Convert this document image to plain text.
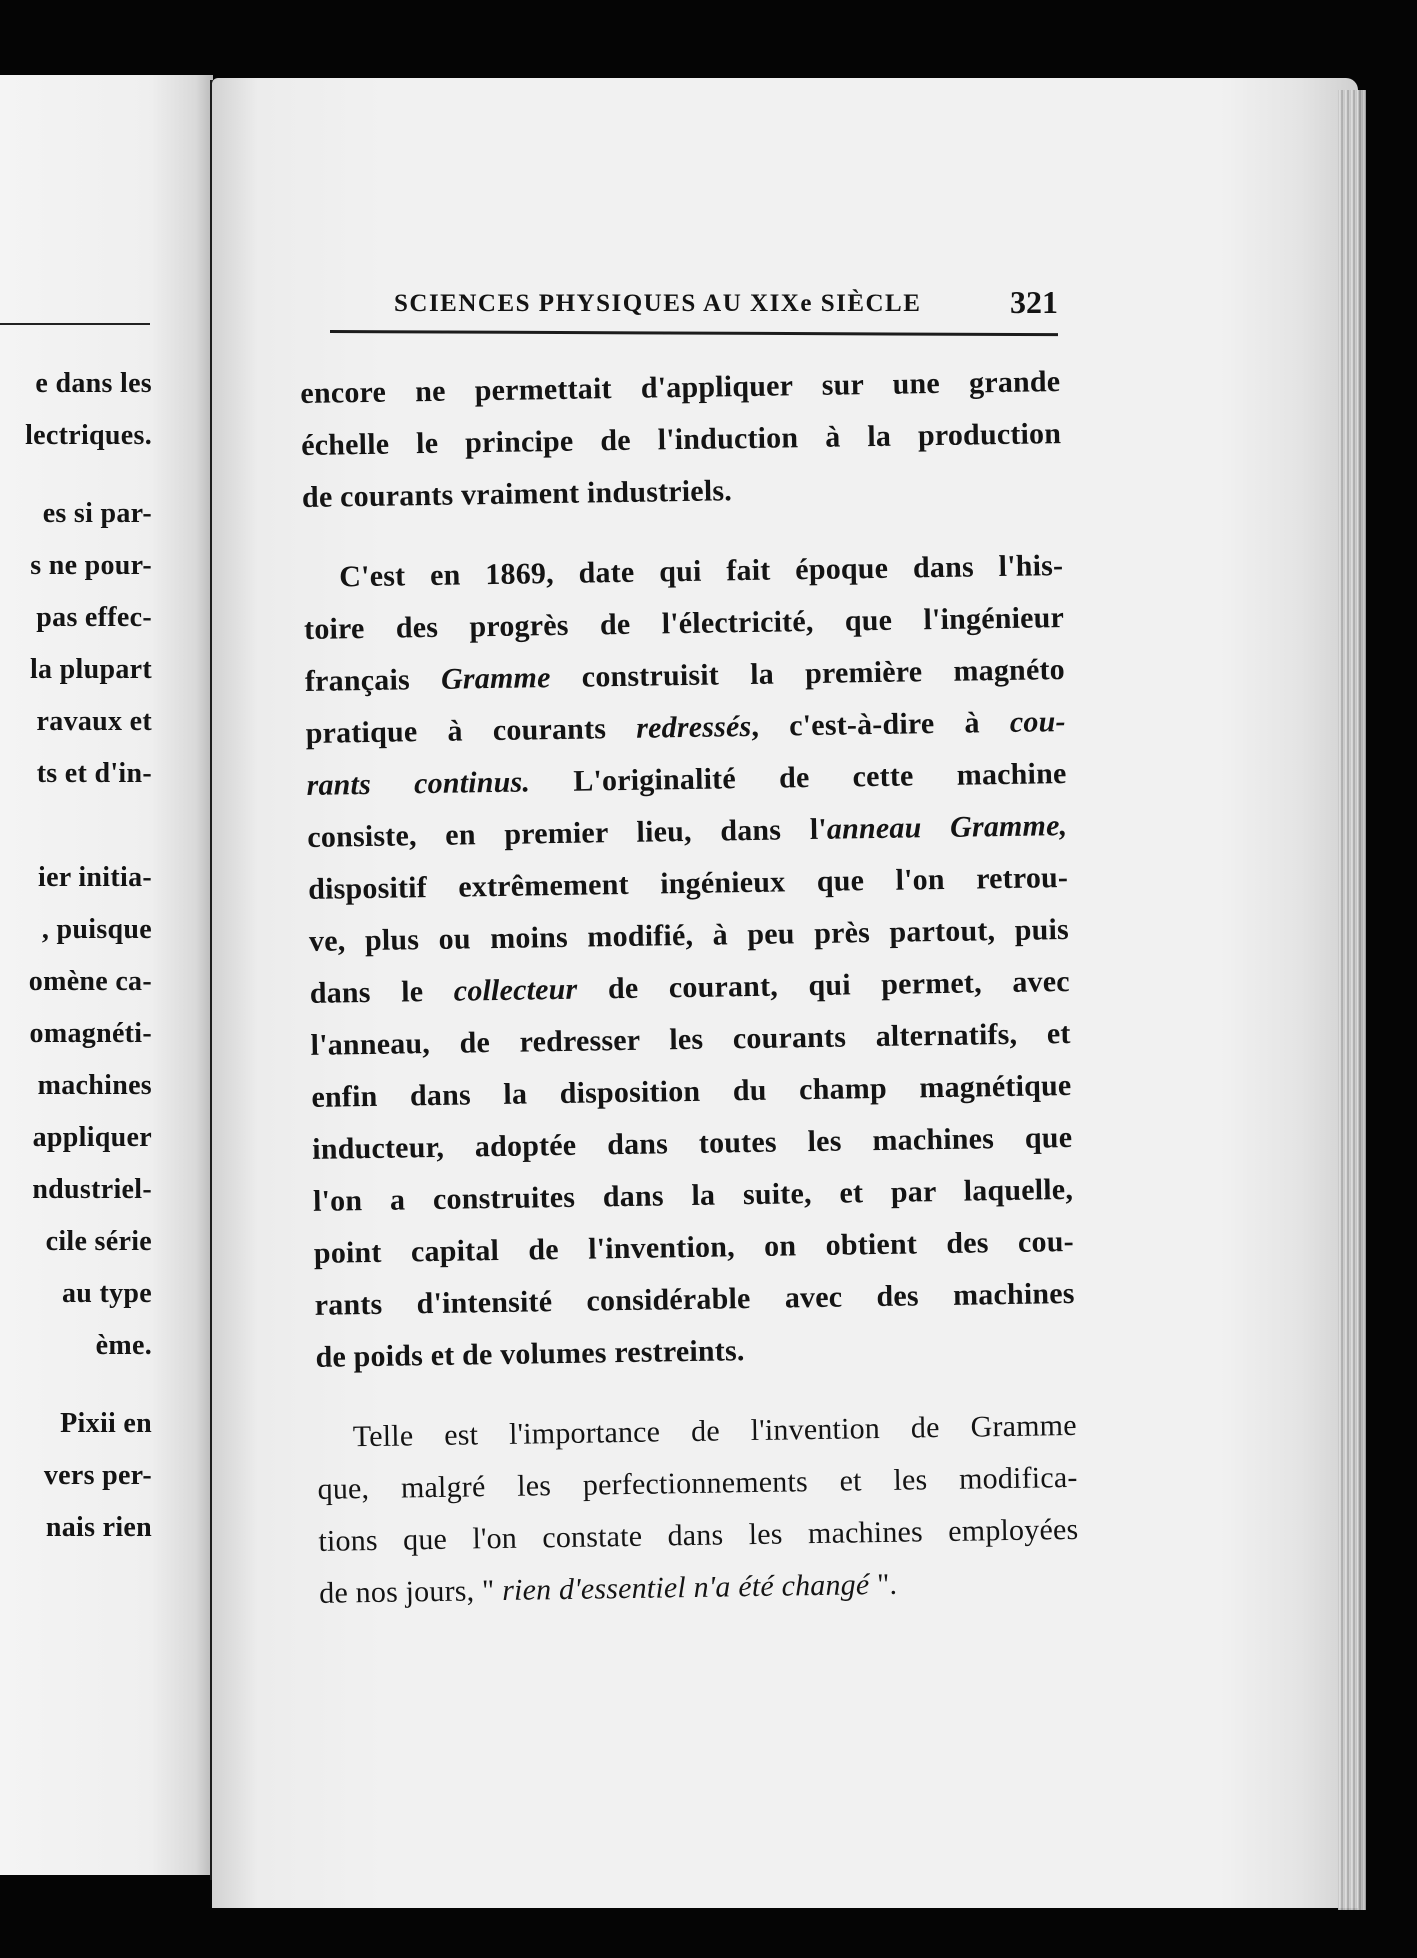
e dans les
lectriques.
es si par-
s ne pour-
pas effec-
la plupart
ravaux et
ts et d'in-
ier initia-
, puisque
omène ca-
omagnéti-
machines
appliquer
ndustriel-
cile série
au type
ème.
Pixii en
vers per-
nais rien
SCIENCES PHYSIQUES AU XIXe SIÈCLE	321
encore ne permettait d'appliquer sur une grande
échelle le principe de l'induction à la production
de courants vraiment industriels.
C'est en 1869, date qui fait époque dans l'his-
toire des progrès de l'électricité, que l'ingénieur
français Gramme construisit la première magnéto
pratique à courants redressés, c'est-à-dire à cou-
rants continus. L'originalité de cette machine
consiste, en premier lieu, dans l'anneau Gramme,
dispositif extrêmement ingénieux que l'on retrou-
ve, plus ou moins modifié, à peu près partout, puis
dans le collecteur de courant, qui permet, avec
l'anneau, de redresser les courants alternatifs, et
enfin dans la disposition du champ magnétique
inducteur, adoptée dans toutes les machines que
l'on a construites dans la suite, et par laquelle,
point capital de l'invention, on obtient des cou-
rants d'intensité considérable avec des machines
de poids et de volumes restreints.
Telle est l'importance de l'invention de Gramme
que, malgré les perfectionnements et les modifica-
tions que l'on constate dans les machines employées
de nos jours, " rien d'essentiel n'a été changé ".
